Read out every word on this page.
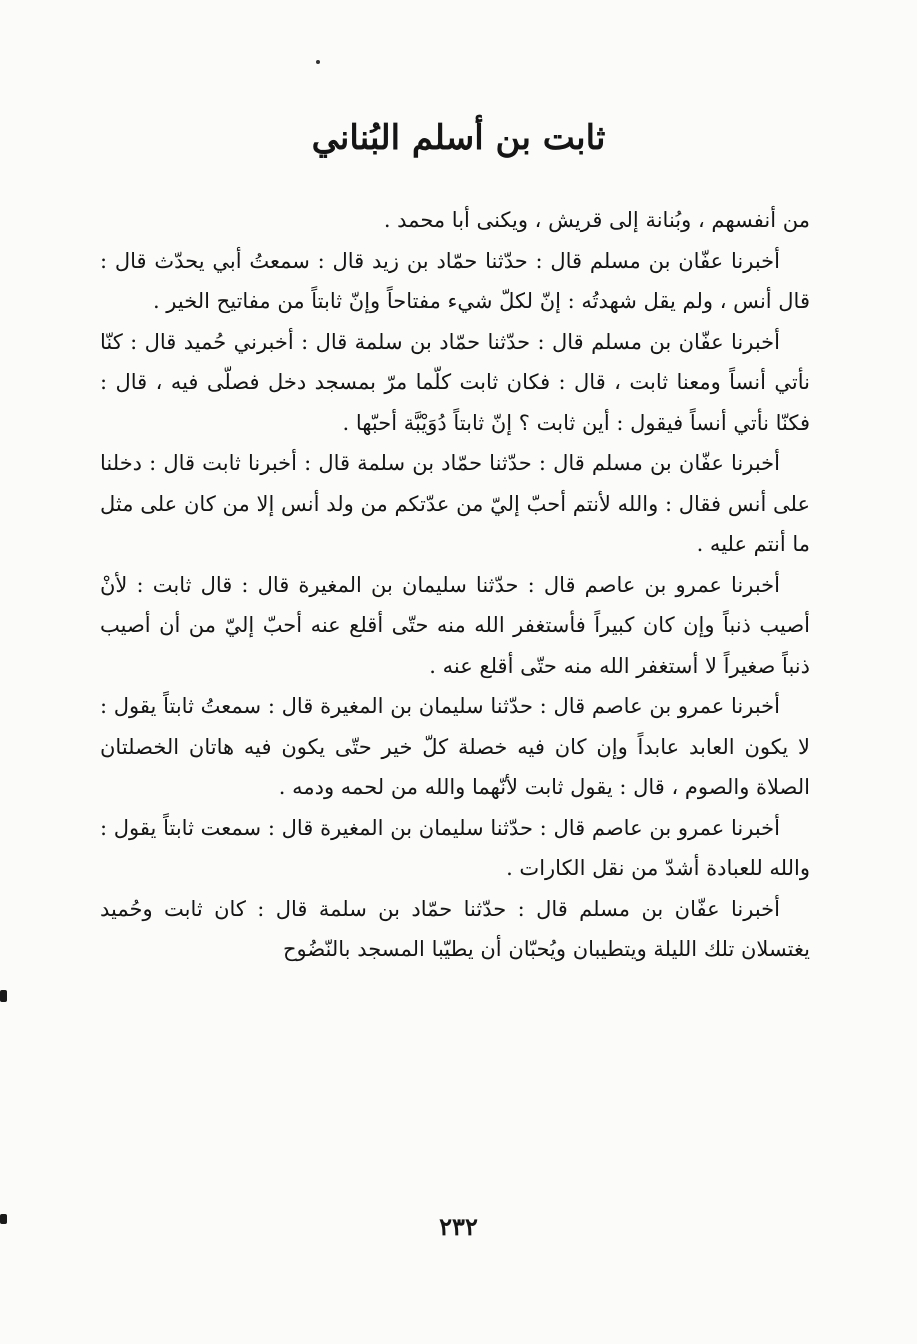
ثابت بن أسلم البُناني

من أنفسهم ، وبُنانة إلى قريش ، ويكنى أبا محمد .

أخبرنا عفّان بن مسلم قال : حدّثنا حمّاد بن زيد قال : سمعتُ أبي يحدّث قال : قال أنس ، ولم يقل شهدتُه : إنّ لكلّ شيء مفتاحاً وإنّ ثابتاً من مفاتيح الخير .

أخبرنا عفّان بن مسلم قال : حدّثنا حمّاد بن سلمة قال : أخبرني حُميد قال : كنّا نأتي أنساً ومعنا ثابت ، قال : فكان ثابت كلّما مرّ بمسجد دخل فصلّى فيه ، قال : فكنّا نأتي أنساً فيقول : أين ثابت ؟ إنّ ثابتاً دُوَيْبَّة أحبّها .

أخبرنا عفّان بن مسلم قال : حدّثنا حمّاد بن سلمة قال : أخبرنا ثابت قال : دخلنا على أنس فقال : والله لأنتم أحبّ إليّ من عدّتكم من ولد أنس إلا من كان على مثل ما أنتم عليه .

أخبرنا عمرو بن عاصم قال : حدّثنا سليمان بن المغيرة قال : قال ثابت : لأنْ أصيب ذنباً وإن كان كبيراً فأستغفر الله منه حتّى أقلع عنه أحبّ إليّ من أن أصيب ذنباً صغيراً لا أستغفر الله منه حتّى أقلع عنه .

أخبرنا عمرو بن عاصم قال : حدّثنا سليمان بن المغيرة قال : سمعتُ ثابتاً يقول : لا يكون العابد عابداً وإن كان فيه خصلة كلّ خير حتّى يكون فيه هاتان الخصلتان الصلاة والصوم ، قال : يقول ثابت لأنّهما والله من لحمه ودمه .

أخبرنا عمرو بن عاصم قال : حدّثنا سليمان بن المغيرة قال : سمعت ثابتاً يقول : والله للعبادة أشدّ من نقل الكارات .

أخبرنا عفّان بن مسلم قال : حدّثنا حمّاد بن سلمة قال : كان ثابت وحُميد يغتسلان تلك الليلة ويتطيبان ويُحبّان أن يطيّبا المسجد بالنّضُوح

٢٣٢
